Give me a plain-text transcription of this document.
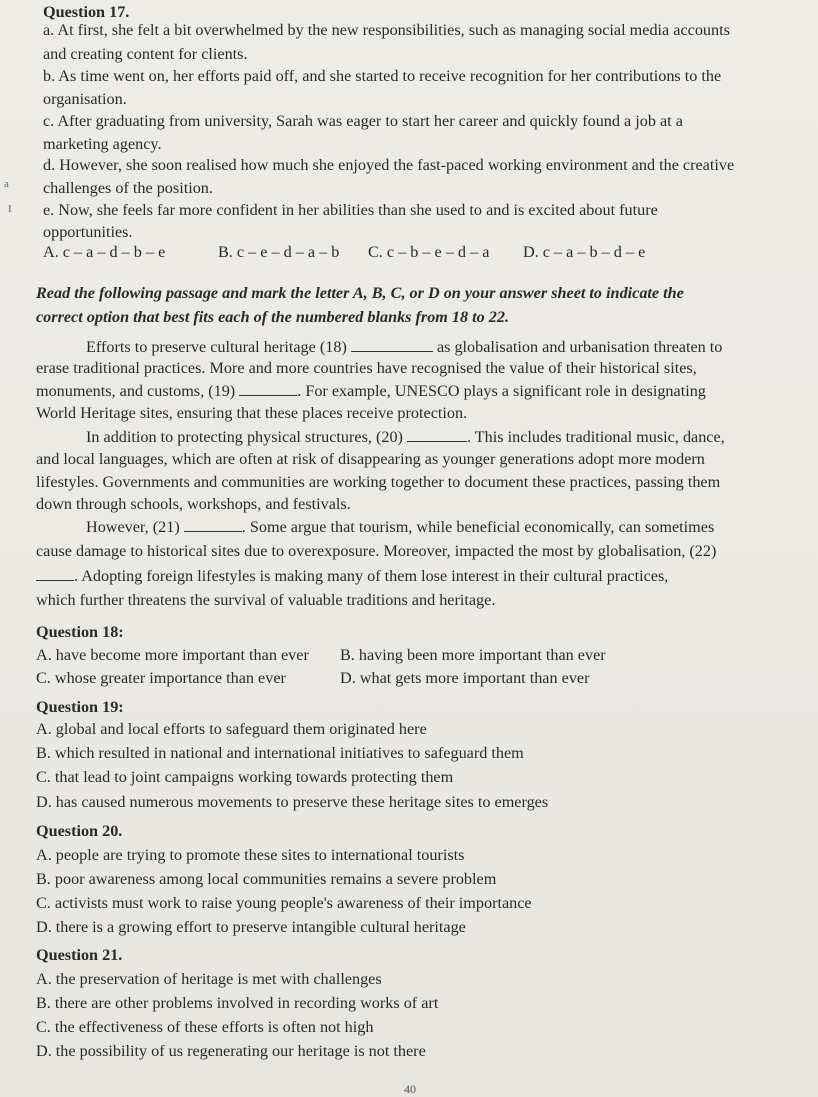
Question 17.
a. At first, she felt a bit overwhelmed by the new responsibilities, such as managing social media accounts
and creating content for clients.
b. As time went on, her efforts paid off, and she started to receive recognition for her contributions to the
organisation.
c. After graduating from university, Sarah was eager to start her career and quickly found a job at a
marketing agency.
d. However, she soon realised how much she enjoyed the fast-paced working environment and the creative
challenges of the position.
e. Now, she feels far more confident in her abilities than she used to and is excited about future
opportunities.
a
I
A. c – a – d – b – e	B. c – e – d – a – b	C. c – b – e – d – a	D. c – a – b – d – e
Read the following passage and mark the letter A, B, C, or D on your answer sheet to indicate the
correct option that best fits each of the numbered blanks from 18 to 22.
Efforts to preserve cultural heritage (18)	as globalisation and urbanisation threaten to
erase traditional practices. More and more countries have recognised the value of their historical sites,
monuments, and customs, (19)	. For example, UNESCO plays a significant role in designating
World Heritage sites, ensuring that these places receive protection.
In addition to protecting physical structures, (20)	. This includes traditional music, dance,
and local languages, which are often at risk of disappearing as younger generations adopt more modern
lifestyles. Governments and communities are working together to document these practices, passing them
down through schools, workshops, and festivals.
However, (21)	. Some argue that tourism, while beneficial economically, can sometimes
cause damage to historical sites due to overexposure. Moreover, impacted the most by globalisation, (22)
. Adopting foreign lifestyles is making many of them lose interest in their cultural practices,
which further threatens the survival of valuable traditions and heritage.
Question 18:
A. have become more important than ever	B. having been more important than ever
C. whose greater importance than ever	D. what gets more important than ever
Question 19:
A. global and local efforts to safeguard them originated here
B. which resulted in national and international initiatives to safeguard them
C. that lead to joint campaigns working towards protecting them
D. has caused numerous movements to preserve these heritage sites to emerges
Question 20.
A. people are trying to promote these sites to international tourists
B. poor awareness among local communities remains a severe problem
C. activists must work to raise young people's awareness of their importance
D. there is a growing effort to preserve intangible cultural heritage
Question 21.
A. the preservation of heritage is met with challenges
B. there are other problems involved in recording works of art
C. the effectiveness of these efforts is often not high
D. the possibility of us regenerating our heritage is not there
40
